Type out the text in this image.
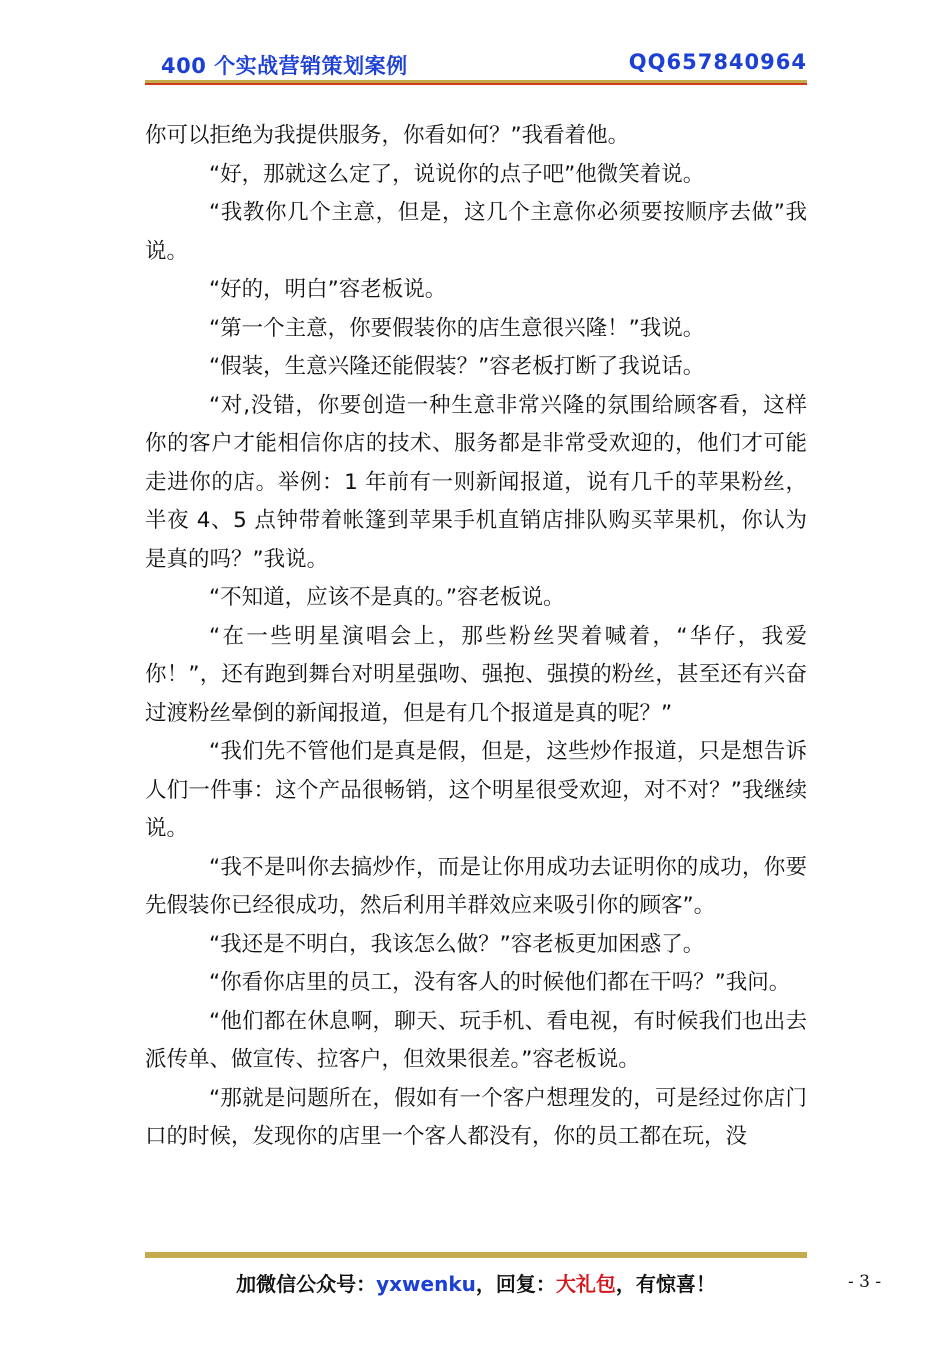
400 个实战营销策划案例	QQ657840964

你可以拒绝为我提供服务，你看如何？”我看着他。

“好，那就这么定了，说说你的点子吧”他微笑着说。

“我教你几个主意，但是，这几个主意你必须要按顺序去做”我说。

“好的，明白”容老板说。

“第一个主意，你要假装你的店生意很兴隆！”我说。

“假装，生意兴隆还能假装？”容老板打断了我说话。

“对,没错，你要创造一种生意非常兴隆的氛围给顾客看，这样你的客户才能相信你店的技术、服务都是非常受欢迎的，他们才可能走进你的店。举例：1 年前有一则新闻报道，说有几千的苹果粉丝，半夜 4、5 点钟带着帐篷到苹果手机直销店排队购买苹果机，你认为是真的吗？”我说。

“不知道，应该不是真的。”容老板说。

“在一些明星演唱会上，那些粉丝哭着喊着，“华仔，我爱你！”，还有跑到舞台对明星强吻、强抱、强摸的粉丝，甚至还有兴奋过渡粉丝晕倒的新闻报道，但是有几个报道是真的呢？”

“我们先不管他们是真是假，但是，这些炒作报道，只是想告诉人们一件事：这个产品很畅销，这个明星很受欢迎，对不对？”我继续说。

“我不是叫你去搞炒作，而是让你用成功去证明你的成功，你要先假装你已经很成功，然后利用羊群效应来吸引你的顾客”。

“我还是不明白，我该怎么做？”容老板更加困惑了。

“你看你店里的员工，没有客人的时候他们都在干吗？”我问。

“他们都在休息啊，聊天、玩手机、看电视，有时候我们也出去派传单、做宣传、拉客户，但效果很差。”容老板说。

“那就是问题所在，假如有一个客户想理发的，可是经过你店门口的时候，发现你的店里一个客人都没有，你的员工都在玩，没

加微信公众号：yxwenku，回复：大礼包，有惊喜！	- 3 -
